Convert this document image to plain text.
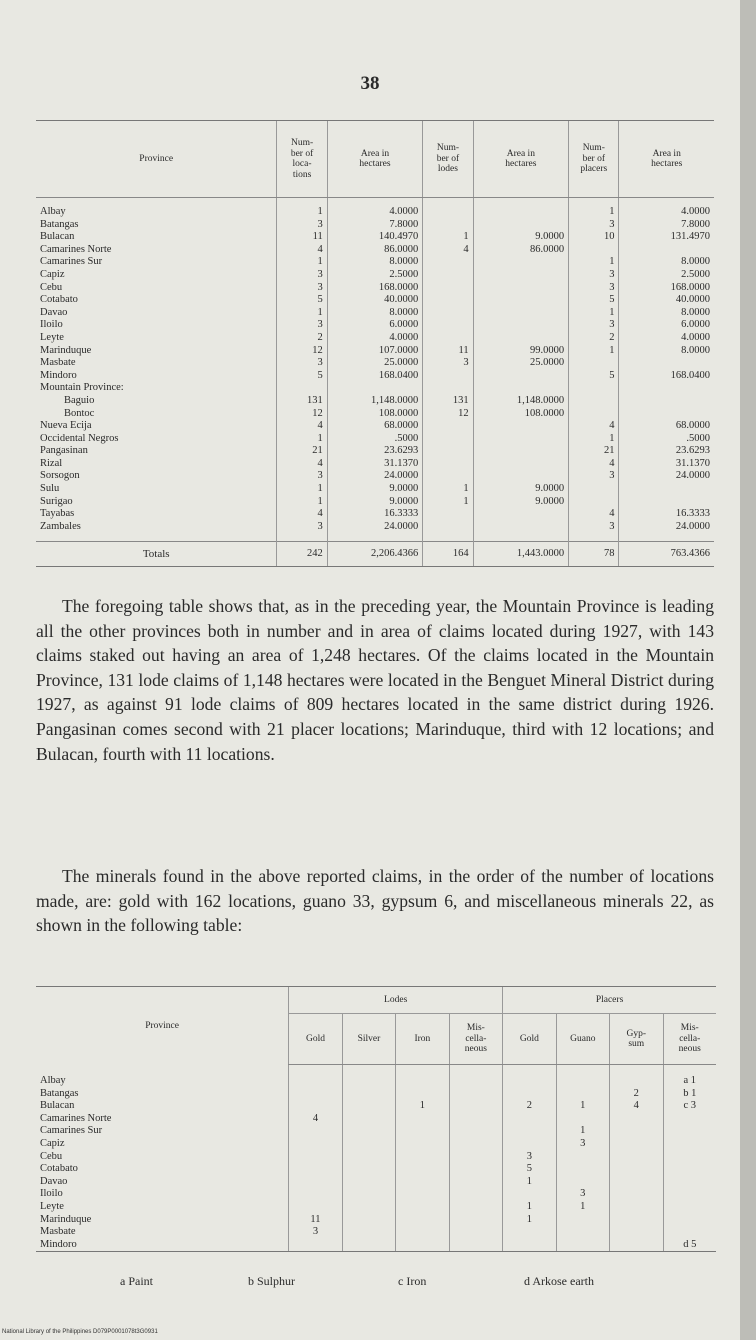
38
Province	Num-
ber of
loca-
tions	Area in
hectares	Num-
ber of
lodes	Area in
hectares	Num-
ber of
placers	Area in
hectares

Albay	1	4.0000			1	4.0000
Batangas	3	7.8000			3	7.8000
Bulacan	11	140.4970	1	9.0000	10	131.4970
Camarines Norte	4	86.0000	4	86.0000		
Camarines Sur	1	8.0000			1	8.0000
Capiz	3	2.5000			3	2.5000
Cebu	3	168.0000			3	168.0000
Cotabato	5	40.0000			5	40.0000
Davao	1	8.0000			1	8.0000
Iloilo	3	6.0000			3	6.0000
Leyte	2	4.0000			2	4.0000
Marinduque	12	107.0000	11	99.0000	1	8.0000
Masbate	3	25.0000	3	25.0000		
Mindoro	5	168.0400			5	168.0400
Mountain Province:						
Baguio	131	1,148.0000	131	1,148.0000		
Bontoc	12	108.0000	12	108.0000		
Nueva Ecija	4	68.0000			4	68.0000
Occidental Negros	1	.5000			1	.5000
Pangasinan	21	23.6293			21	23.6293
Rizal	4	31.1370			4	31.1370
Sorsogon	3	24.0000			3	24.0000
Sulu	1	9.0000	1	9.0000		
Surigao	1	9.0000	1	9.0000		
Tayabas	4	16.3333			4	16.3333
Zambales	3	24.0000			3	24.0000

Totals	242	2,206.4366	164	1,443.0000	78	763.4366

The foregoing table shows that, as in the preceding year, the Mountain Province is leading all the other provinces both in number and in area of claims located during 1927, with 143 claims staked out having an area of 1,248 hectares. Of the claims located in the Mountain Province, 131 lode claims of 1,148 hectares were located in the Benguet Mineral District during 1927, as against 91 lode claims of 809 hectares located in the same district during 1926. Pangasinan comes second with 21 placer locations; Marinduque, third with 12 locations; and Bulacan, fourth with 11 locations.

The minerals found in the above reported claims, in the order of the number of locations made, are: gold with 162 locations, guano 33, gypsum 6, and miscellaneous minerals 22, as shown in the following table:

Province	Lodes				Placers			
	Gold	Silver	Iron	Mis-
cella-
neous	Gold	Guano	Gyp-
sum	Mis-
cella-
neous

Albay								a 1
Batangas							2	b 1
Bulacan			1		2	1	4	c 3
Camarines Norte	4							
Camarines Sur						1		
Capiz						3		
Cebu					3			
Cotabato					5			
Davao					1			
Iloilo						3		
Leyte					1	1		
Marinduque	11				1			
Masbate	3							
Mindoro								d 5
a Paint	b Sulphur	c Iron	d Arkose earth
National Library of the Philippines D079P0001078t3G0931
